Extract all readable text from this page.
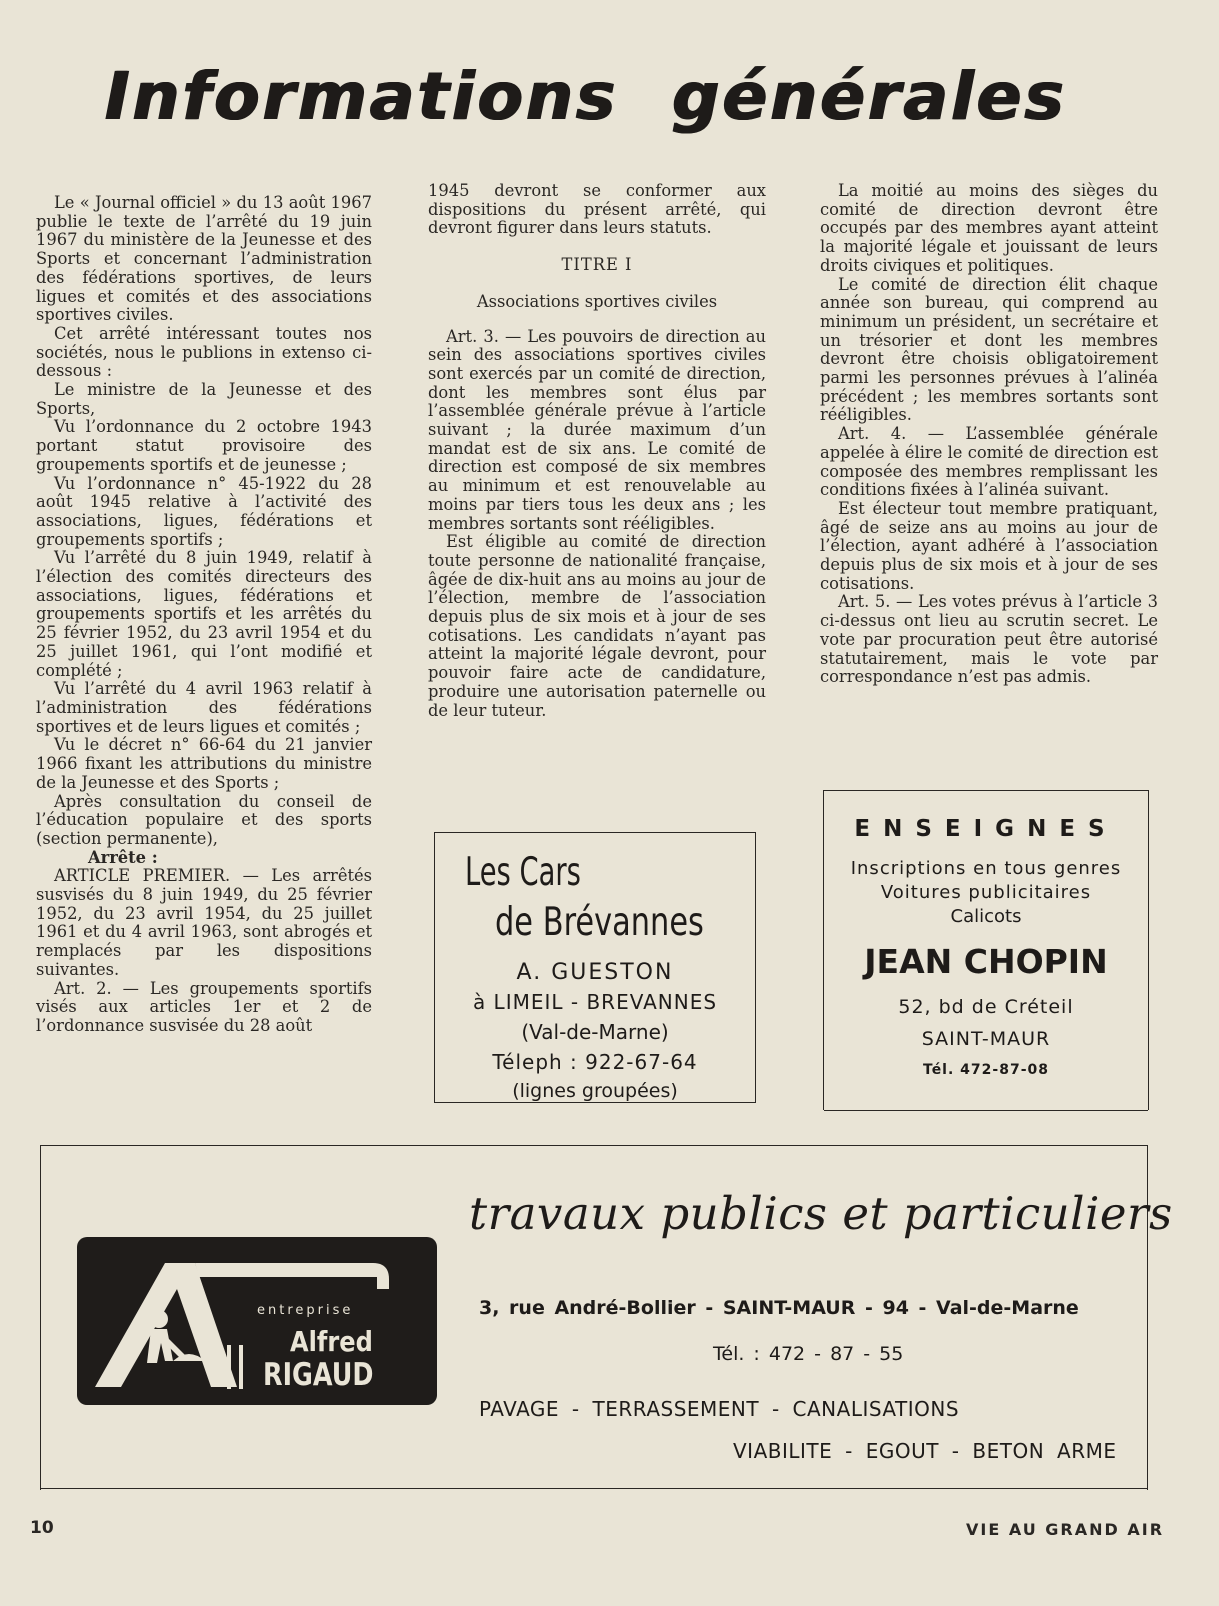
Informations générales

Le « Journal officiel » du 13 août 1967 publie le texte de l’arrêté du 19 juin 1967 du ministère de la Jeunesse et des Sports et concernant l’administration des fédérations sportives, de leurs ligues et comités et des associations sportives civiles.

Cet arrêté intéressant toutes nos sociétés, nous le publions in extenso ci-dessous :

Le ministre de la Jeunesse et des Sports,

Vu l’ordonnance du 2 octobre 1943 portant statut provisoire des groupements sportifs et de jeunesse ;

Vu l’ordonnance n° 45-1922 du 28 août 1945 relative à l’activité des associations, ligues, fédérations et groupements sportifs ;

Vu l’arrêté du 8 juin 1949, relatif à l’élection des comités directeurs des associations, ligues, fédérations et groupements sportifs et les arrêtés du 25 février 1952, du 23 avril 1954 et du 25 juillet 1961, qui l’ont modifié et complété ;

Vu l’arrêté du 4 avril 1963 relatif à l’administration des fédérations sportives et de leurs ligues et comités ;

Vu le décret n° 66-64 du 21 janvier 1966 fixant les attributions du ministre de la Jeunesse et des Sports ;

Après consultation du conseil de l’éducation populaire et des sports (section permanente),

Arrête :

ARTICLE PREMIER. — Les arrêtés susvisés du 8 juin 1949, du 25 février 1952, du 23 avril 1954, du 25 juillet 1961 et du 4 avril 1963, sont abrogés et remplacés par les dispositions suivantes.

Art. 2. — Les groupements sportifs visés aux articles 1er et 2 de l’ordonnance susvisée du 28 août

1945 devront se conformer aux dispositions du présent arrêté, qui devront figurer dans leurs statuts.

TITRE I

Associations sportives civiles

Art. 3. — Les pouvoirs de direction au sein des associations sportives civiles sont exercés par un comité de direction, dont les membres sont élus par l’assemblée générale prévue à l’article suivant ; la durée maximum d’un mandat est de six ans. Le comité de direction est composé de six membres au minimum et est renouvelable au moins par tiers tous les deux ans ; les membres sortants sont rééligibles.

Est éligible au comité de direction toute personne de nationalité française, âgée de dix-huit ans au moins au jour de l’élection, membre de l’association depuis plus de six mois et à jour de ses cotisations. Les candidats n’ayant pas atteint la majorité légale devront, pour pouvoir faire acte de candidature, produire une autorisation paternelle ou de leur tuteur.

La moitié au moins des sièges du comité de direction devront être occupés par des membres ayant atteint la majorité légale et jouissant de leurs droits civiques et politiques.

Le comité de direction élit chaque année son bureau, qui comprend au minimum un président, un secrétaire et un trésorier et dont les membres devront être choisis obligatoirement parmi les personnes prévues à l’alinéa précédent ; les membres sortants sont rééligibles.

Art. 4. — L’assemblée générale appelée à élire le comité de direction est composée des membres remplissant les conditions fixées à l’alinéa suivant.

Est électeur tout membre pratiquant, âgé de seize ans au moins au jour de l’élection, ayant adhéré à l’association depuis plus de six mois et à jour de ses cotisations.

Art. 5. — Les votes prévus à l’article 3 ci-dessus ont lieu au scrutin secret. Le vote par procuration peut être autorisé statutairement, mais le vote par correspondance n’est pas admis.

Les Cars
de Brévannes
A. GUESTON
à LIMEIL - BREVANNES
(Val-de-Marne)
Téleph : 922-67-64
(lignes groupées)
ENSEIGNES
Inscriptions en tous genres
Voitures publicitaires
Calicots
JEAN CHOPIN
52, bd de Créteil
SAINT-MAUR
Tél. 472-87-08
travaux publics et particuliers
entreprise
Alfred
RIGAUD
3, rue André-Bollier - SAINT-MAUR - 94 - Val-de-Marne
Tél. : 472 - 87 - 55
PAVAGE - TERRASSEMENT - CANALISATIONS
VIABILITE - EGOUT - BETON ARME
10	VIE AU GRAND AIR
